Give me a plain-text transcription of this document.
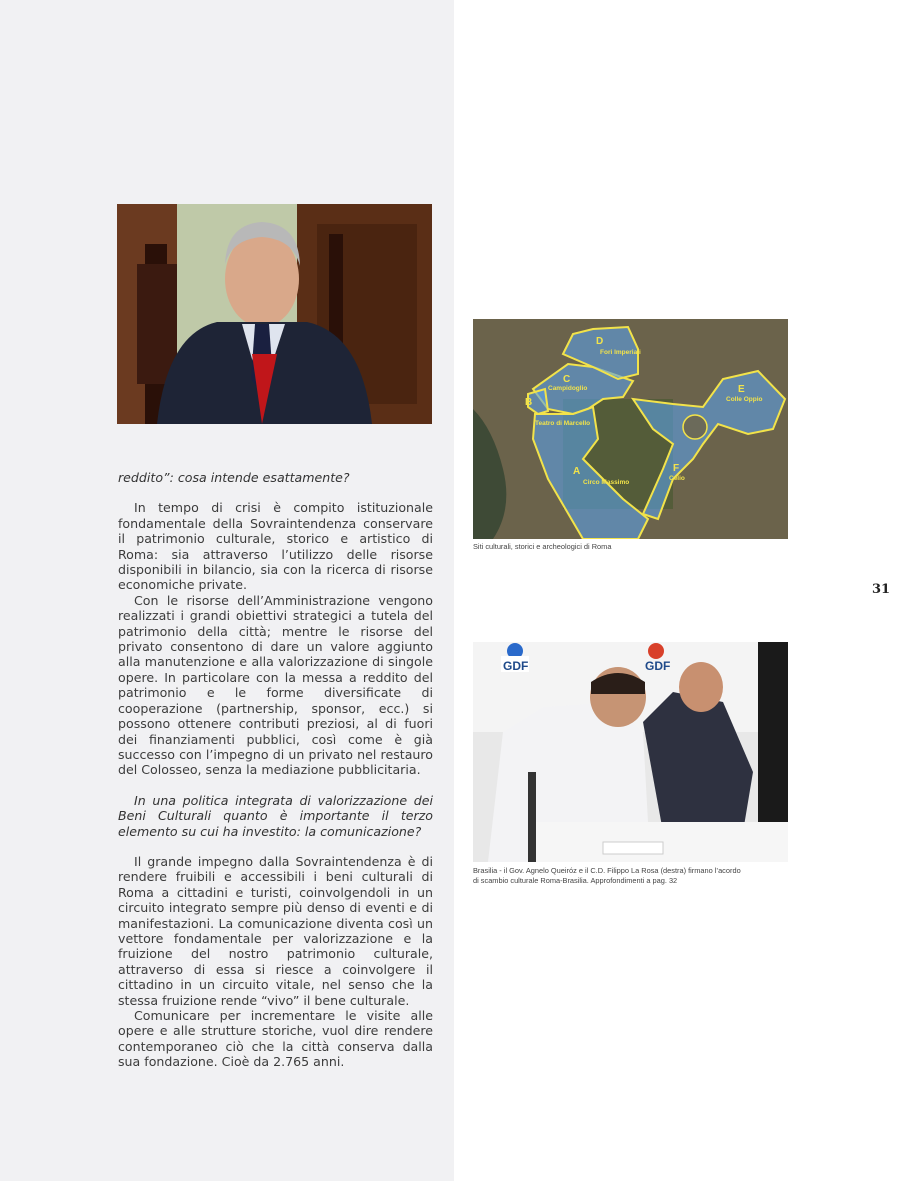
reddito”: cosa intende esattamente?

In tempo di crisi è compito istituzionale fondamentale della Sovraintendenza conservare il patrimonio culturale, storico e artistico di Roma: sia attraverso l’utilizzo delle risorse disponibili in bilancio, sia con la ricerca di risorse economiche private.

Con le risorse dell’Amministrazione vengono realizzati i grandi obiettivi strategici a tutela del patrimonio della città; mentre le risorse del privato consentono di dare un valore aggiunto alla manutenzione e alla valorizzazione di singole opere. In particolare con la messa a reddito del patrimonio e le forme diversificate di cooperazione (partnership, sponsor, ecc.) si possono ottenere contributi preziosi, al di fuori dei finanziamenti pubblici, così come è già successo con l’impegno di un privato nel restauro del Colosseo, senza la mediazione pubblicitaria.

In una politica integrata di valorizzazione dei Beni Culturali quanto è importante il terzo elemento su cui ha investito: la comunicazione?

Il grande impegno dalla Sovraintendenza è di rendere fruibili e accessibili i beni culturali di Roma a cittadini e turisti, coinvolgendoli in un circuito integrato sempre più denso di eventi e di manifestazioni. La comunicazione diventa così un vettore fondamentale per valorizzazione e la fruizione del nostro patrimonio culturale, attraverso di essa si riesce a coinvolgere il cittadino in un circuito vitale, nel senso che la stessa fruizione rende “vivo” il bene culturale.

Comunicare per incrementare le visite alle opere e alle strutture storiche, vuol dire rendere contemporaneo ciò che la città conserva dalla sua fondazione. Cioè da 2.765 anni.

D
Fori Imperiali
C
Campidoglio
B
Teatro di Marcello
E
Colle Oppio
A
Circo Massimo
F
Celio
Siti culturali, storici e archeologici di Roma
31
GDF	GDF
Brasilia - il Gov. Agnelo Queiróz e il C.D. Filippo La Rosa (destra) firmano l’acordo
di scambio culturale Roma-Brasilia. Approfondimenti a pag. 32
